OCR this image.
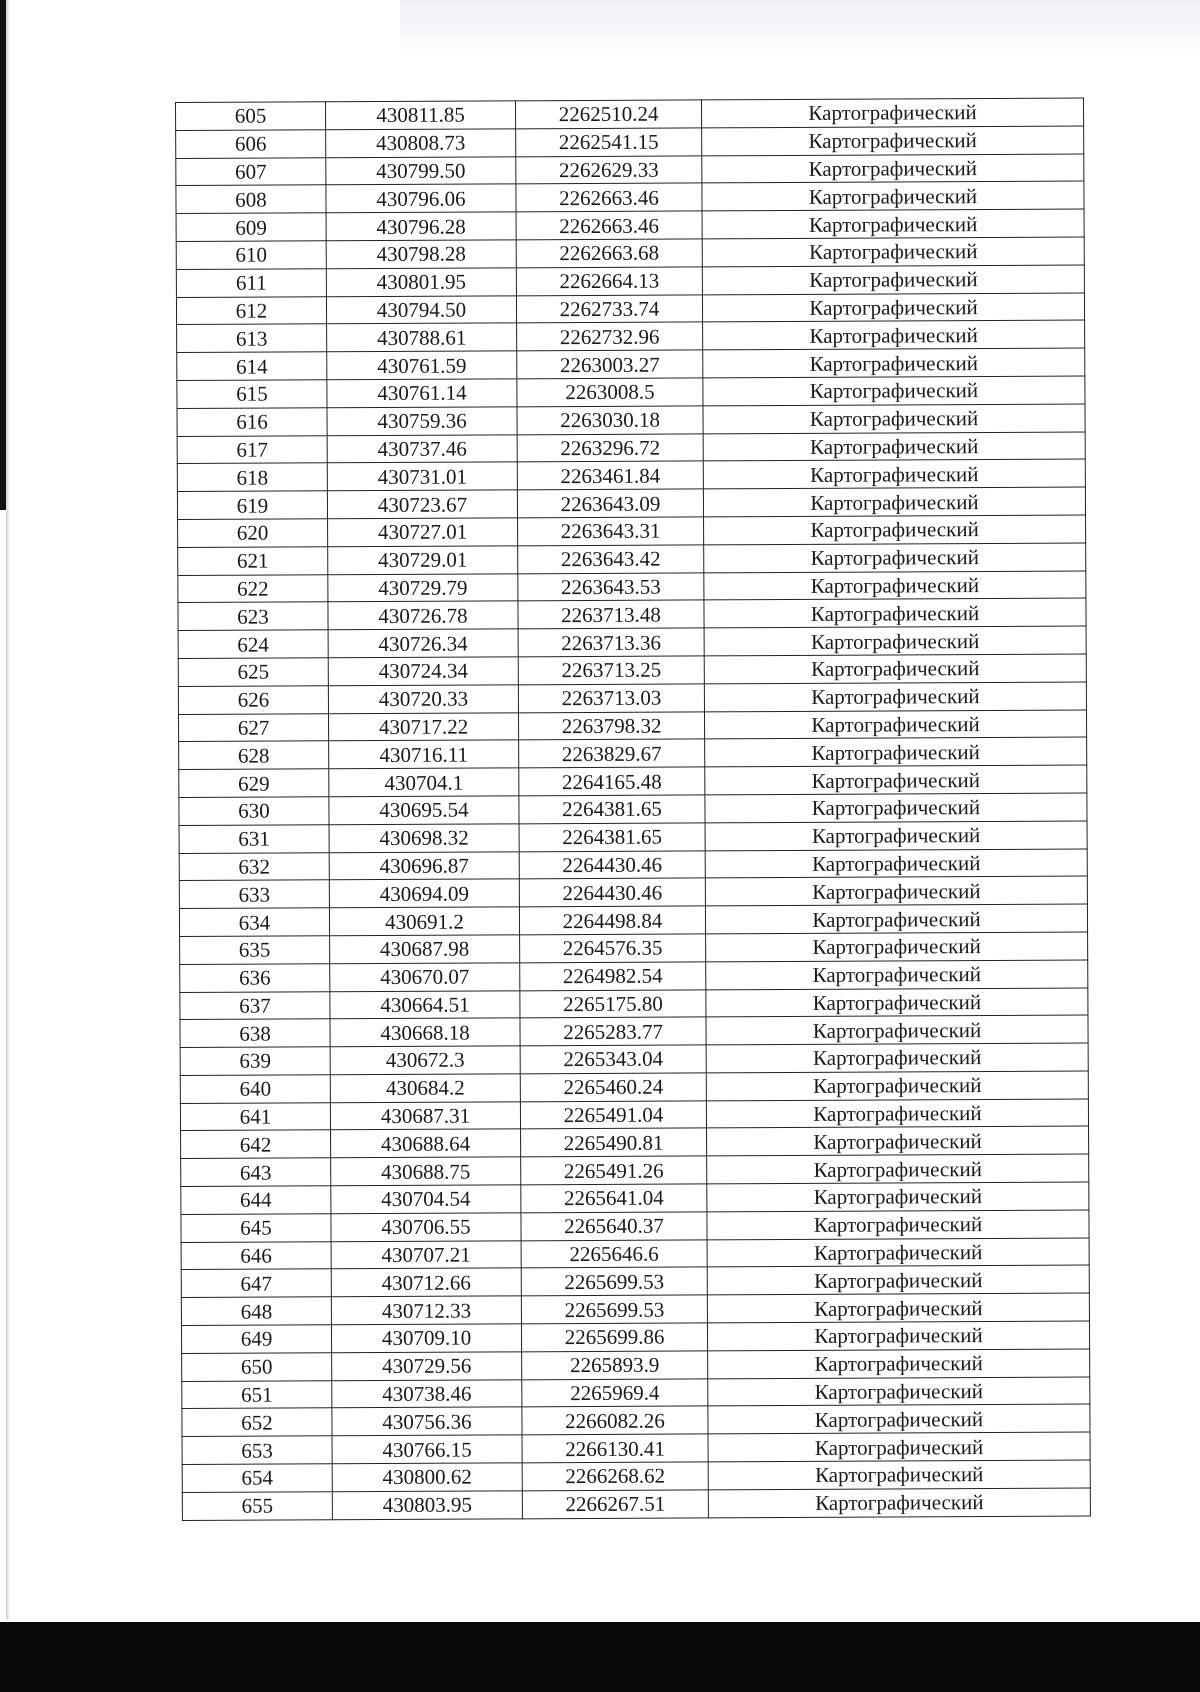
605	430811.85	2262510.24	Картографический
606	430808.73	2262541.15	Картографический
607	430799.50	2262629.33	Картографический
608	430796.06	2262663.46	Картографический
609	430796.28	2262663.46	Картографический
610	430798.28	2262663.68	Картографический
611	430801.95	2262664.13	Картографический
612	430794.50	2262733.74	Картографический
613	430788.61	2262732.96	Картографический
614	430761.59	2263003.27	Картографический
615	430761.14	2263008.5	Картографический
616	430759.36	2263030.18	Картографический
617	430737.46	2263296.72	Картографический
618	430731.01	2263461.84	Картографический
619	430723.67	2263643.09	Картографический
620	430727.01	2263643.31	Картографический
621	430729.01	2263643.42	Картографический
622	430729.79	2263643.53	Картографический
623	430726.78	2263713.48	Картографический
624	430726.34	2263713.36	Картографический
625	430724.34	2263713.25	Картографический
626	430720.33	2263713.03	Картографический
627	430717.22	2263798.32	Картографический
628	430716.11	2263829.67	Картографический
629	430704.1	2264165.48	Картографический
630	430695.54	2264381.65	Картографический
631	430698.32	2264381.65	Картографический
632	430696.87	2264430.46	Картографический
633	430694.09	2264430.46	Картографический
634	430691.2	2264498.84	Картографический
635	430687.98	2264576.35	Картографический
636	430670.07	2264982.54	Картографический
637	430664.51	2265175.80	Картографический
638	430668.18	2265283.77	Картографический
639	430672.3	2265343.04	Картографический
640	430684.2	2265460.24	Картографический
641	430687.31	2265491.04	Картографический
642	430688.64	2265490.81	Картографический
643	430688.75	2265491.26	Картографический
644	430704.54	2265641.04	Картографический
645	430706.55	2265640.37	Картографический
646	430707.21	2265646.6	Картографический
647	430712.66	2265699.53	Картографический
648	430712.33	2265699.53	Картографический
649	430709.10	2265699.86	Картографический
650	430729.56	2265893.9	Картографический
651	430738.46	2265969.4	Картографический
652	430756.36	2266082.26	Картографический
653	430766.15	2266130.41	Картографический
654	430800.62	2266268.62	Картографический
655	430803.95	2266267.51	Картографический
